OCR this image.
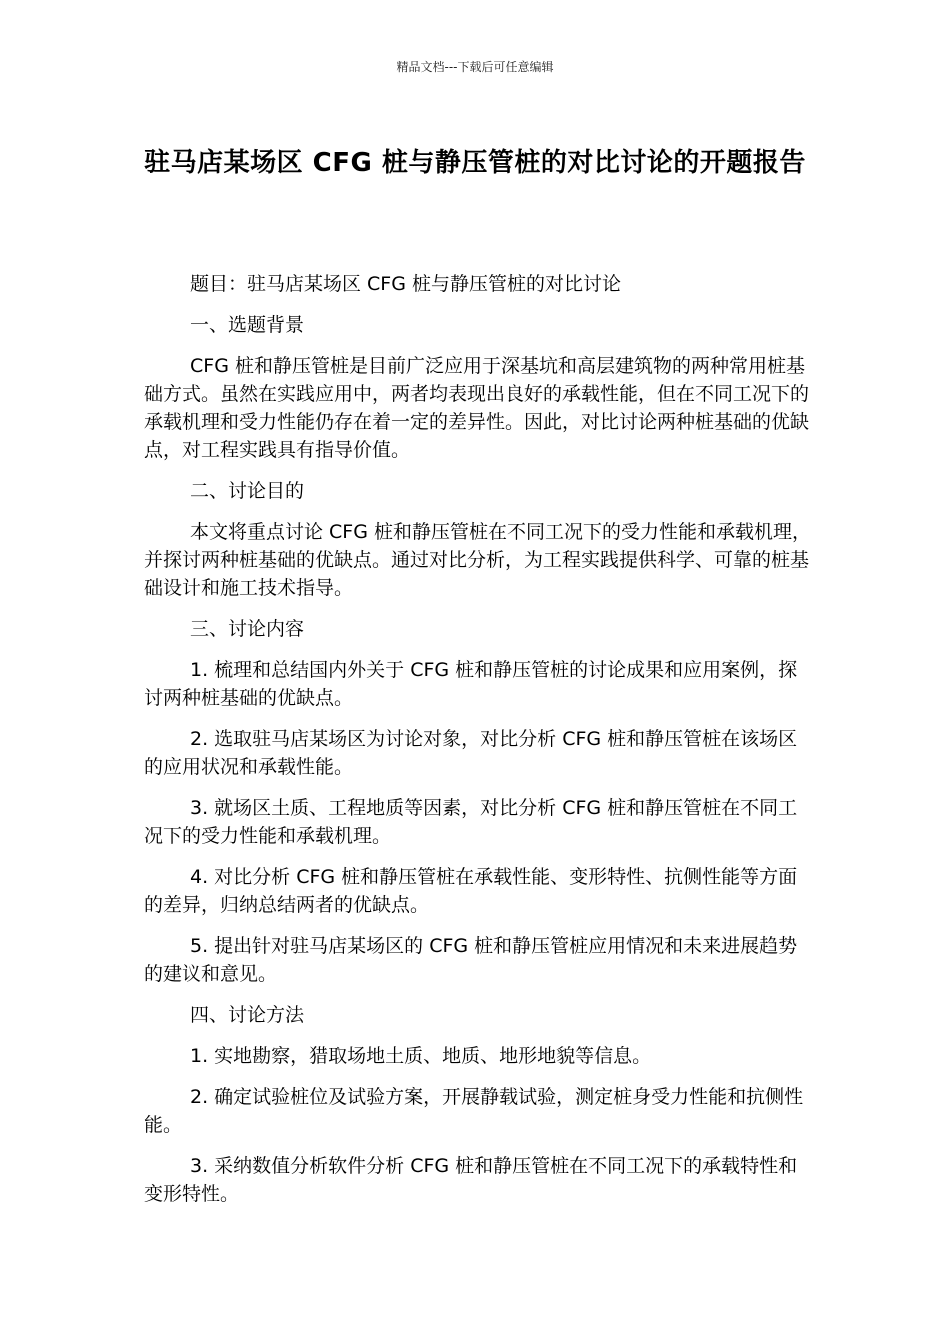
精品文档---下载后可任意编辑
驻马店某场区 CFG 桩与静压管桩的对比讨论的开题报告

题目：驻马店某场区 CFG 桩与静压管桩的对比讨论

一、选题背景

CFG 桩和静压管桩是目前广泛应用于深基坑和高层建筑物的两种常用桩基础方式。虽然在实践应用中，两者均表现出良好的承载性能，但在不同工况下的承载机理和受力性能仍存在着一定的差异性。因此，对比讨论两种桩基础的优缺点，对工程实践具有指导价值。

二、讨论目的

本文将重点讨论 CFG 桩和静压管桩在不同工况下的受力性能和承载机理，并探讨两种桩基础的优缺点。通过对比分析，为工程实践提供科学、可靠的桩基础设计和施工技术指导。

三、讨论内容

1. 梳理和总结国内外关于 CFG 桩和静压管桩的讨论成果和应用案例，探讨两种桩基础的优缺点。

2. 选取驻马店某场区为讨论对象，对比分析 CFG 桩和静压管桩在该场区的应用状况和承载性能。

3. 就场区土质、工程地质等因素，对比分析 CFG 桩和静压管桩在不同工况下的受力性能和承载机理。

4. 对比分析 CFG 桩和静压管桩在承载性能、变形特性、抗侧性能等方面的差异，归纳总结两者的优缺点。

5. 提出针对驻马店某场区的 CFG 桩和静压管桩应用情况和未来进展趋势的建议和意见。

四、讨论方法

1. 实地勘察，猎取场地土质、地质、地形地貌等信息。

2. 确定试验桩位及试验方案，开展静载试验，测定桩身受力性能和抗侧性能。

3. 采纳数值分析软件分析 CFG 桩和静压管桩在不同工况下的承载特性和变形特性。
